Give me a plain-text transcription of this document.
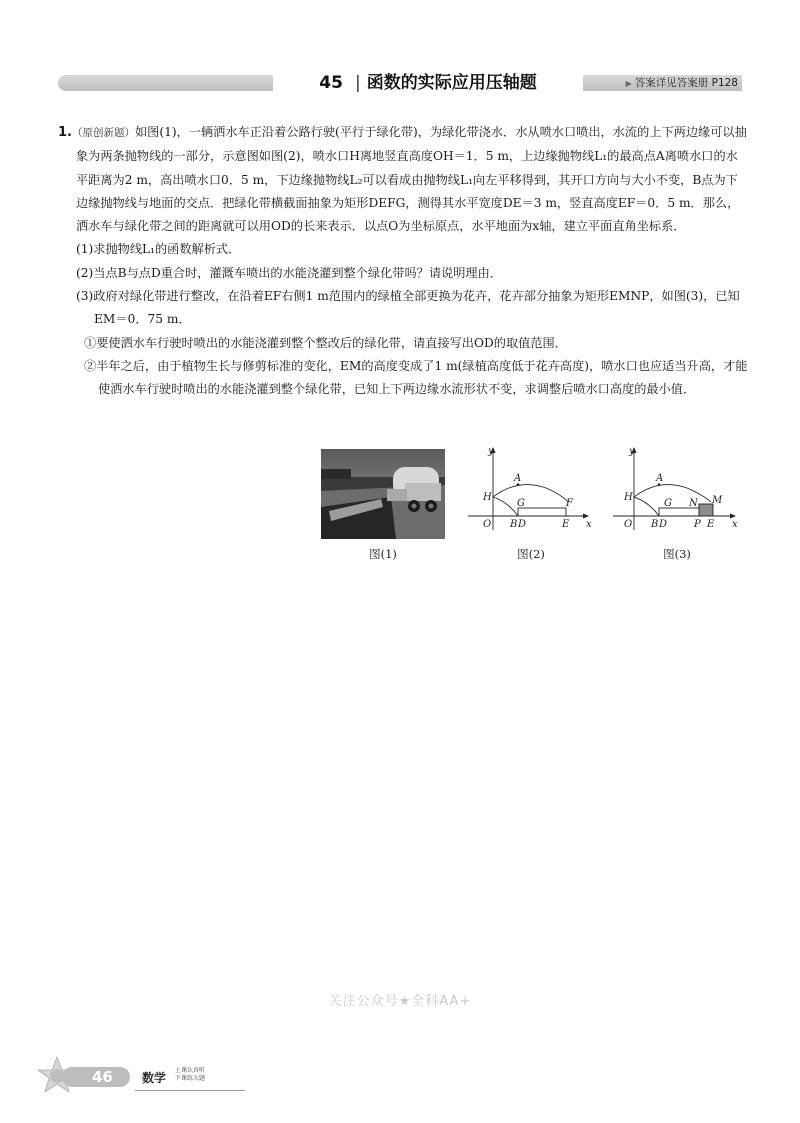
45 | 函数的实际应用压轴题	▶ 答案详见答案册 P128

1.（原创新题）如图(1)，一辆洒水车正沿着公路行驶(平行于绿化带)，为绿化带浇水．水从喷水口喷出，水流的上下两边缘可以抽象为两条抛物线的一部分，示意图如图(2)，喷水口H离地竖直高度OH＝1．5 m，上边缘抛物线L₁的最高点A离喷水口的水平距离为2 m，高出喷水口0．5 m，下边缘抛物线L₂可以看成由抛物线L₁向左平移得到，其开口方向与大小不变，B点为下边缘抛物线与地面的交点．把绿化带横截面抽象为矩形DEFG，测得其水平宽度DE＝3 m，竖直高度EF＝0．5 m．那么，洒水车与绿化带之间的距离就可以用OD的长来表示．以点O为坐标原点，水平地面为x轴，建立平面直角坐标系．

(1)求抛物线L₁的函数解析式．

(2)当点B与点D重合时，灌溉车喷出的水能浇灌到整个绿化带吗？请说明理由．

(3)政府对绿化带进行整改，在沿着EF右侧1 m范围内的绿植全部更换为花卉，花卉部分抽象为矩形EMNP，如图(3)，已知EM＝0．75 m．

①要使洒水车行驶时喷出的水能浇灌到整个整改后的绿化带，请直接写出OD的取值范围．

②半年之后，由于植物生长与修剪标准的变化，EM的高度变成了1 m(绿植高度低于花卉高度)，喷水口也应适当升高，才能使洒水车行驶时喷出的水能浇灌到整个绿化带，已知上下两边缘水流形状不变，求调整后喷水口高度的最小值．

图(1)
y
x
O
H
A
G	F
B D	E
图(2)
y
x
O
H
A
G N M
B D	P E
图(3)
关注公众号★全科AA+
46	数学
上课认真听
下课练大题
